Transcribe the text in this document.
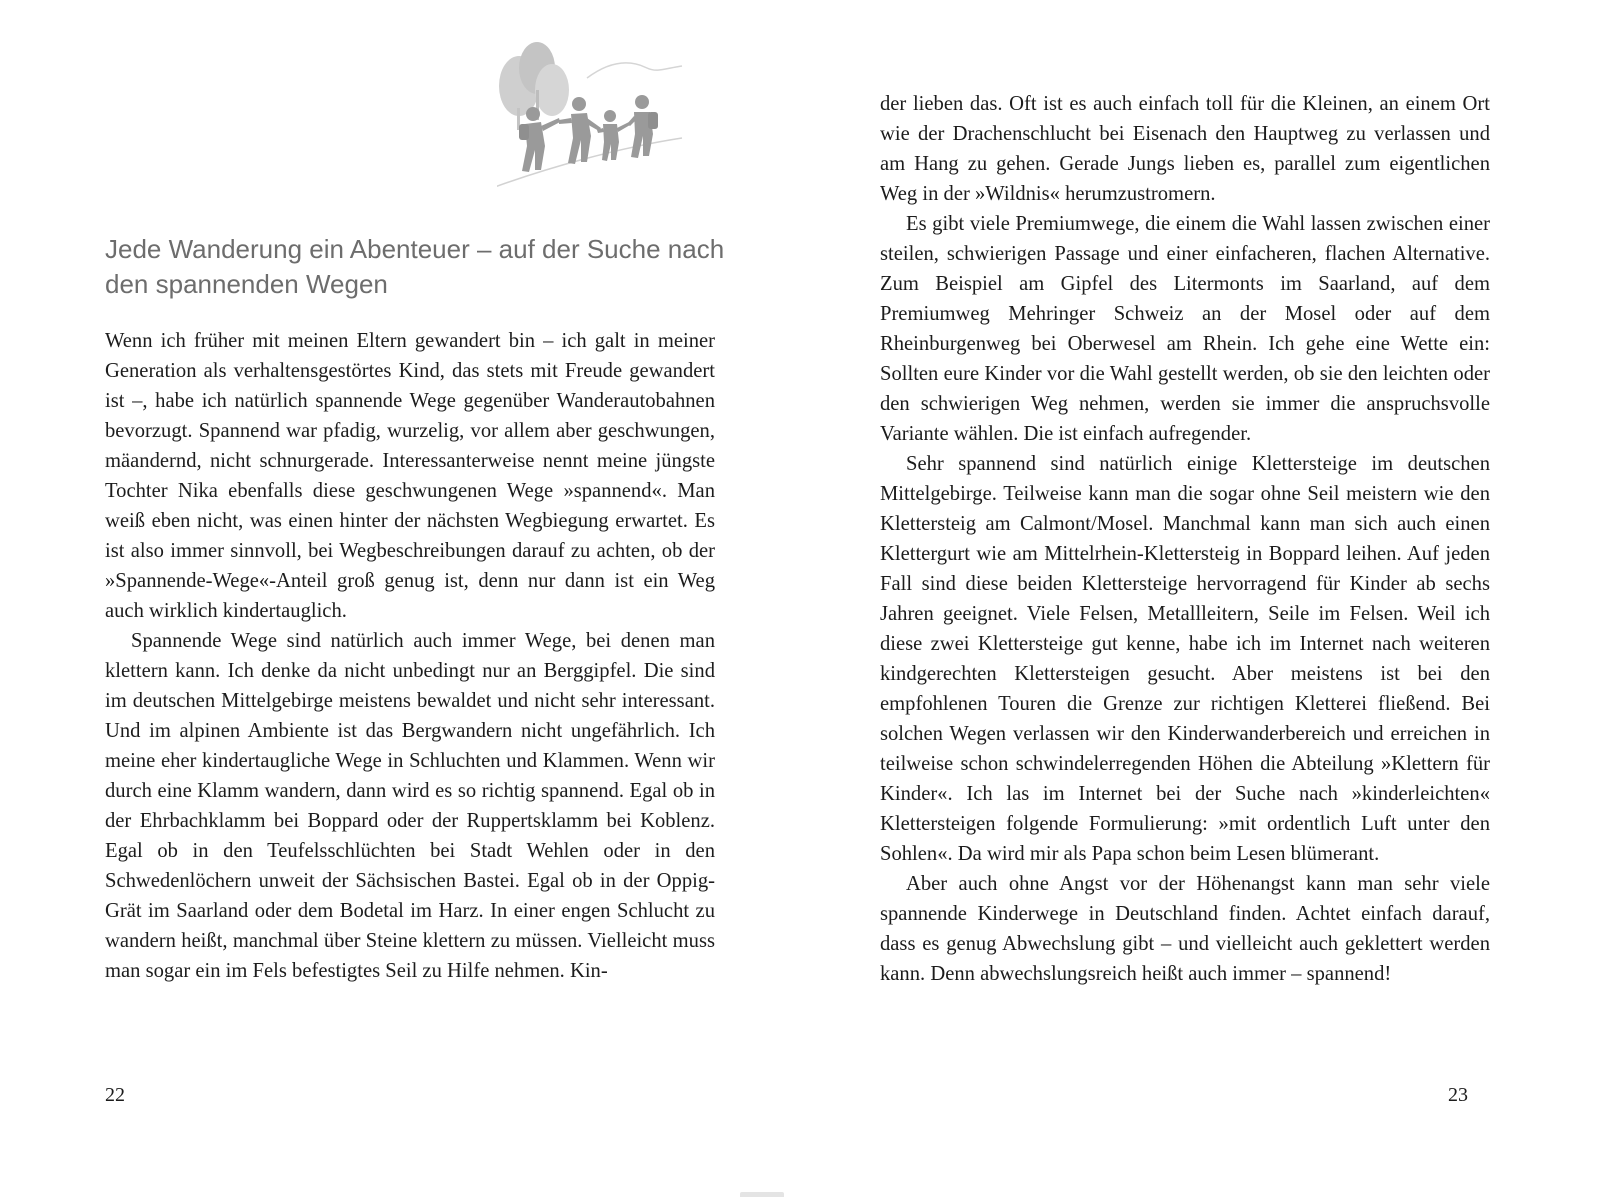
Jede Wanderung ein Abenteuer – auf der Suche nach den spannenden Wegen

Wenn ich früher mit meinen Eltern gewandert bin – ich galt in meiner Generation als verhaltensgestörtes Kind, das stets mit Freude gewandert ist –, habe ich natürlich spannende Wege gegenüber Wanderautobahnen bevorzugt. Spannend war pfadig, wurzelig, vor allem aber geschwungen, mäandernd, nicht schnurgerade. Interessanterweise nennt meine jüngste Tochter Nika ebenfalls diese geschwungenen Wege »spannend«. Man weiß eben nicht, was einen hinter der nächsten Wegbiegung erwartet. Es ist also immer sinnvoll, bei Wegbeschreibungen darauf zu achten, ob der »Spannende-Wege«-Anteil groß genug ist, denn nur dann ist ein Weg auch wirklich kindertauglich.

Spannende Wege sind natürlich auch immer Wege, bei denen man klettern kann. Ich denke da nicht unbedingt nur an Berggipfel. Die sind im deutschen Mittelgebirge meistens bewaldet und nicht sehr interessant. Und im alpinen Ambiente ist das Bergwandern nicht ungefährlich. Ich meine eher kindertaugliche Wege in Schluchten und Klammen. Wenn wir durch eine Klamm wandern, dann wird es so richtig spannend. Egal ob in der Ehrbachklamm bei Boppard oder der Ruppertsklamm bei Koblenz. Egal ob in den Teufelsschlüchten bei Stadt Wehlen oder in den Schwedenlöchern unweit der Sächsischen Bastei. Egal ob in der Oppig-Grät im Saarland oder dem Bodetal im Harz. In einer engen Schlucht zu wandern heißt, manchmal über Steine klettern zu müssen. Vielleicht muss man sogar ein im Fels befestigtes Seil zu Hilfe nehmen. Kin-

22

der lieben das. Oft ist es auch einfach toll für die Kleinen, an einem Ort wie der Drachenschlucht bei Eisenach den Hauptweg zu verlassen und am Hang zu gehen. Gerade Jungs lieben es, parallel zum eigentlichen Weg in der »Wildnis« herumzustromern.

Es gibt viele Premiumwege, die einem die Wahl lassen zwischen einer steilen, schwierigen Passage und einer einfacheren, flachen Alternative. Zum Beispiel am Gipfel des Litermonts im Saarland, auf dem Premiumweg Mehringer Schweiz an der Mosel oder auf dem Rheinburgenweg bei Oberwesel am Rhein. Ich gehe eine Wette ein: Sollten eure Kinder vor die Wahl gestellt werden, ob sie den leichten oder den schwierigen Weg nehmen, werden sie immer die anspruchsvolle Variante wählen. Die ist einfach aufregender.

Sehr spannend sind natürlich einige Klettersteige im deutschen Mittelgebirge. Teilweise kann man die sogar ohne Seil meistern wie den Klettersteig am Calmont/Mosel. Manchmal kann man sich auch einen Klettergurt wie am Mittelrhein-Klettersteig in Boppard leihen. Auf jeden Fall sind diese beiden Klettersteige hervorragend für Kinder ab sechs Jahren geeignet. Viele Felsen, Metallleitern, Seile im Felsen. Weil ich diese zwei Klettersteige gut kenne, habe ich im Internet nach weiteren kindgerechten Klettersteigen gesucht. Aber meistens ist bei den empfohlenen Touren die Grenze zur richtigen Kletterei fließend. Bei solchen Wegen verlassen wir den Kinderwanderbereich und erreichen in teilweise schon schwindelerregenden Höhen die Abteilung »Klettern für Kinder«. Ich las im Internet bei der Suche nach »kinderleichten« Klettersteigen folgende Formulierung: »mit ordentlich Luft unter den Sohlen«. Da wird mir als Papa schon beim Lesen blümerant.

Aber auch ohne Angst vor der Höhenangst kann man sehr viele spannende Kinderwege in Deutschland finden. Achtet einfach darauf, dass es genug Abwechslung gibt – und vielleicht auch geklettert werden kann. Denn abwechslungsreich heißt auch immer – spannend!

23
